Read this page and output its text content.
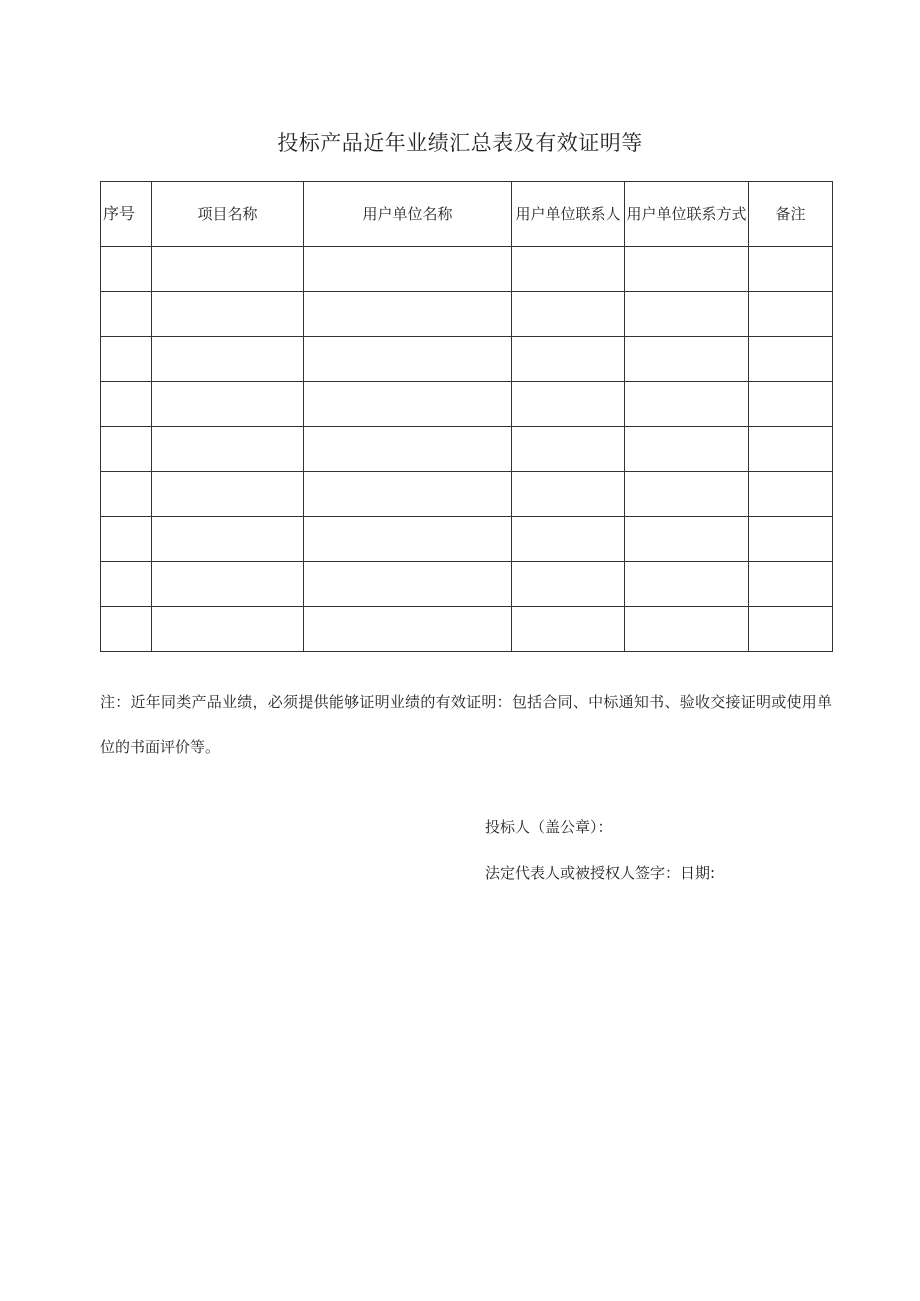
投标产品近年业绩汇总表及有效证明等
序号	项目名称	用户单位名称	用户单位联系人	用户单位联系方式	备注

注：近年同类产品业绩，必须提供能够证明业绩的有效证明：包括合同、中标通知书、验收交接证明或使用单位的书面评价等。
投标人（盖公章）：
法定代表人或被授权人签字：日期:
